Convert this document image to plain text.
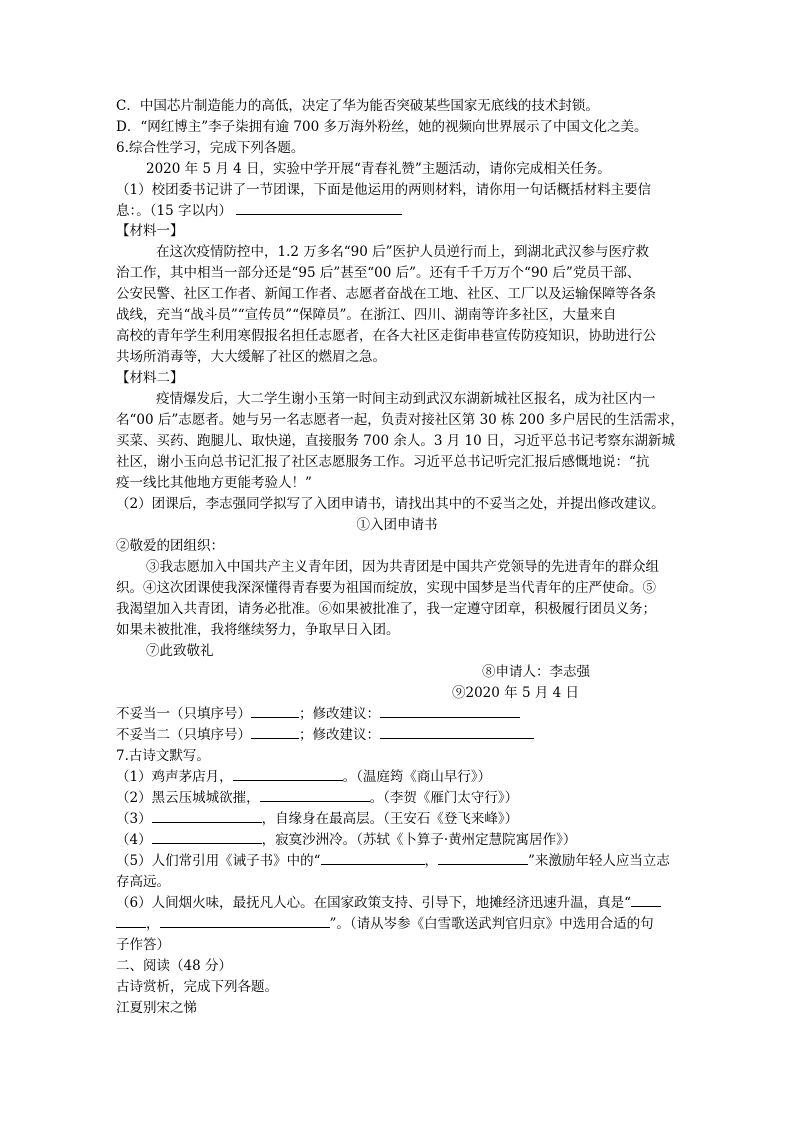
C．中国芯片制造能力的高低，决定了华为能否突破某些国家无底线的技术封锁。
D．“网红博主”李子柒拥有逾 700 多万海外粉丝，她的视频向世界展示了中国文化之美。
6.综合性学习，完成下列各题。
2020 年 5 月 4 日，实验中学开展“青春礼赞”主题活动，请你完成相关任务。
（1）校团委书记讲了一节团课，下面是他运用的两则材料，请你用一句话概括材料主要信
息：。（15 字以内）
【材料一】
在这次疫情防控中，1.2 万多名“90 后”医护人员逆行而上，到湖北武汉参与医疗救
治工作，其中相当一部分还是“95 后”甚至“00 后”。还有千千万万个“90 后”党员干部、
公安民警、社区工作者、新闻工作者、志愿者奋战在工地、社区、工厂以及运输保障等各条
战线，充当“战斗员”“宣传员”“保障员”。在浙江、四川、湖南等许多社区，大量来自
高校的青年学生利用寒假报名担任志愿者，在各大社区走街串巷宣传防疫知识，协助进行公
共场所消毒等，大大缓解了社区的燃眉之急。
【材料二】
疫情爆发后，大二学生谢小玉第一时间主动到武汉东湖新城社区报名，成为社区内一
名“00 后”志愿者。她与另一名志愿者一起，负责对接社区第 30 栋 200 多户居民的生活需求，
买菜、买药、跑腿儿、取快递，直接服务 700 余人。3 月 10 日，习近平总书记考察东湖新城
社区，谢小玉向总书记汇报了社区志愿服务工作。习近平总书记听完汇报后感慨地说：“抗
疫一线比其他地方更能考验人！”
（2）团课后，李志强同学拟写了入团申请书，请找出其中的不妥当之处，并提出修改建议。
①入团申请书
②敬爱的团组织：
③我志愿加入中国共产主义青年团，因为共青团是中国共产党领导的先进青年的群众组
织。④这次团课使我深深懂得青春要为祖国而绽放，实现中国梦是当代青年的庄严使命。⑤
我渴望加入共青团，请务必批准。⑥如果被批准了，我一定遵守团章，积极履行团员义务；
如果未被批准，我将继续努力，争取早日入团。
⑦此致敬礼
⑧申请人：李志强
⑨2020 年 5 月 4 日
不妥当一（只填序号）	；修改建议：
不妥当二（只填序号）	；修改建议：
7.古诗文默写。
（1）鸡声茅店月，	。（温庭筠《商山早行》）
（2）黑云压城城欲摧，	。（李贺《雁门太守行》）
（3）	，自缘身在最高层。（王安石《登飞来峰》）
（4）	，寂寞沙洲冷。（苏轼《卜算子·黄州定慧院寓居作》）
（5）人们常引用《诫子书》中的“	，	”来激励年轻人应当立志
存高远。
（6）人间烟火味，最抚凡人心。在国家政策支持、引导下，地摊经济迅速升温，真是“
，	”。（请从岑参《白雪歌送武判官归京》中选用合适的句
子作答）
二、阅读（48 分）
古诗赏析，完成下列各题。
江夏别宋之悌
